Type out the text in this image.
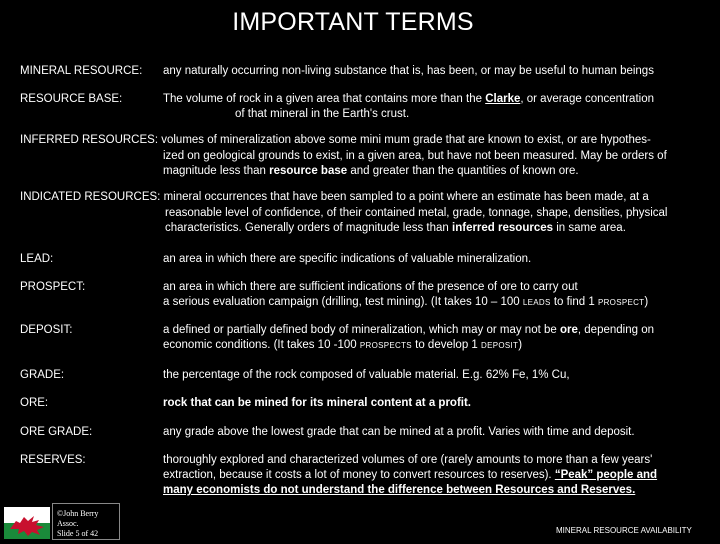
IMPORTANT TERMS
MINERAL RESOURCE: any naturally occurring non-living substance that is, has been, or may be useful to human beings
RESOURCE BASE:	The volume of rock in a given area that contains more than the Clarke, or average concentration
of that mineral in the Earth's crust.
INFERRED RESOURCES: volumes of mineralization above some mini mum grade that are known to exist, or are hypothes-
ized on geological grounds to exist, in a given area, but have not been measured. May be orders of
magnitude less than resource base and greater than the quantities of known ore.
INDICATED RESOURCES: mineral occurrences that have been sampled to a point where an estimate has been made, at a
reasonable level of confidence, of their contained metal, grade, tonnage, shape, densities, physical
characteristics. Generally orders of magnitude less than inferred resources in same area.
LEAD:	an area in which there are specific indications of valuable mineralization.
PROSPECT:	an area in which there are sufficient indications of the presence of ore to carry out
a serious evaluation campaign (drilling, test mining). (It takes 10 – 100 LEADS to find 1 PROSPECT)
DEPOSIT:	a defined or partially defined body of mineralization, which may or may not be ore, depending on
economic conditions. (It takes 10 -100 PROSPECTS to develop 1 DEPOSIT)
GRADE:	the percentage of the rock composed of valuable material. E.g. 62% Fe, 1% Cu,
ORE:	rock that can be mined for its mineral content at a profit.
ORE GRADE:	any grade above the lowest grade that can be mined at a profit. Varies with time and deposit.
RESERVES:	thoroughly explored and characterized volumes of ore (rarely amounts to more than a few years'
extraction, because it costs a lot of money to convert resources to reserves). “Peak” people and
many economists do not understand the difference between Resources and Reserves.
©John Berry Assoc.
Slide 5 of 42	MINERAL RESOURCE AVAILABILITY
